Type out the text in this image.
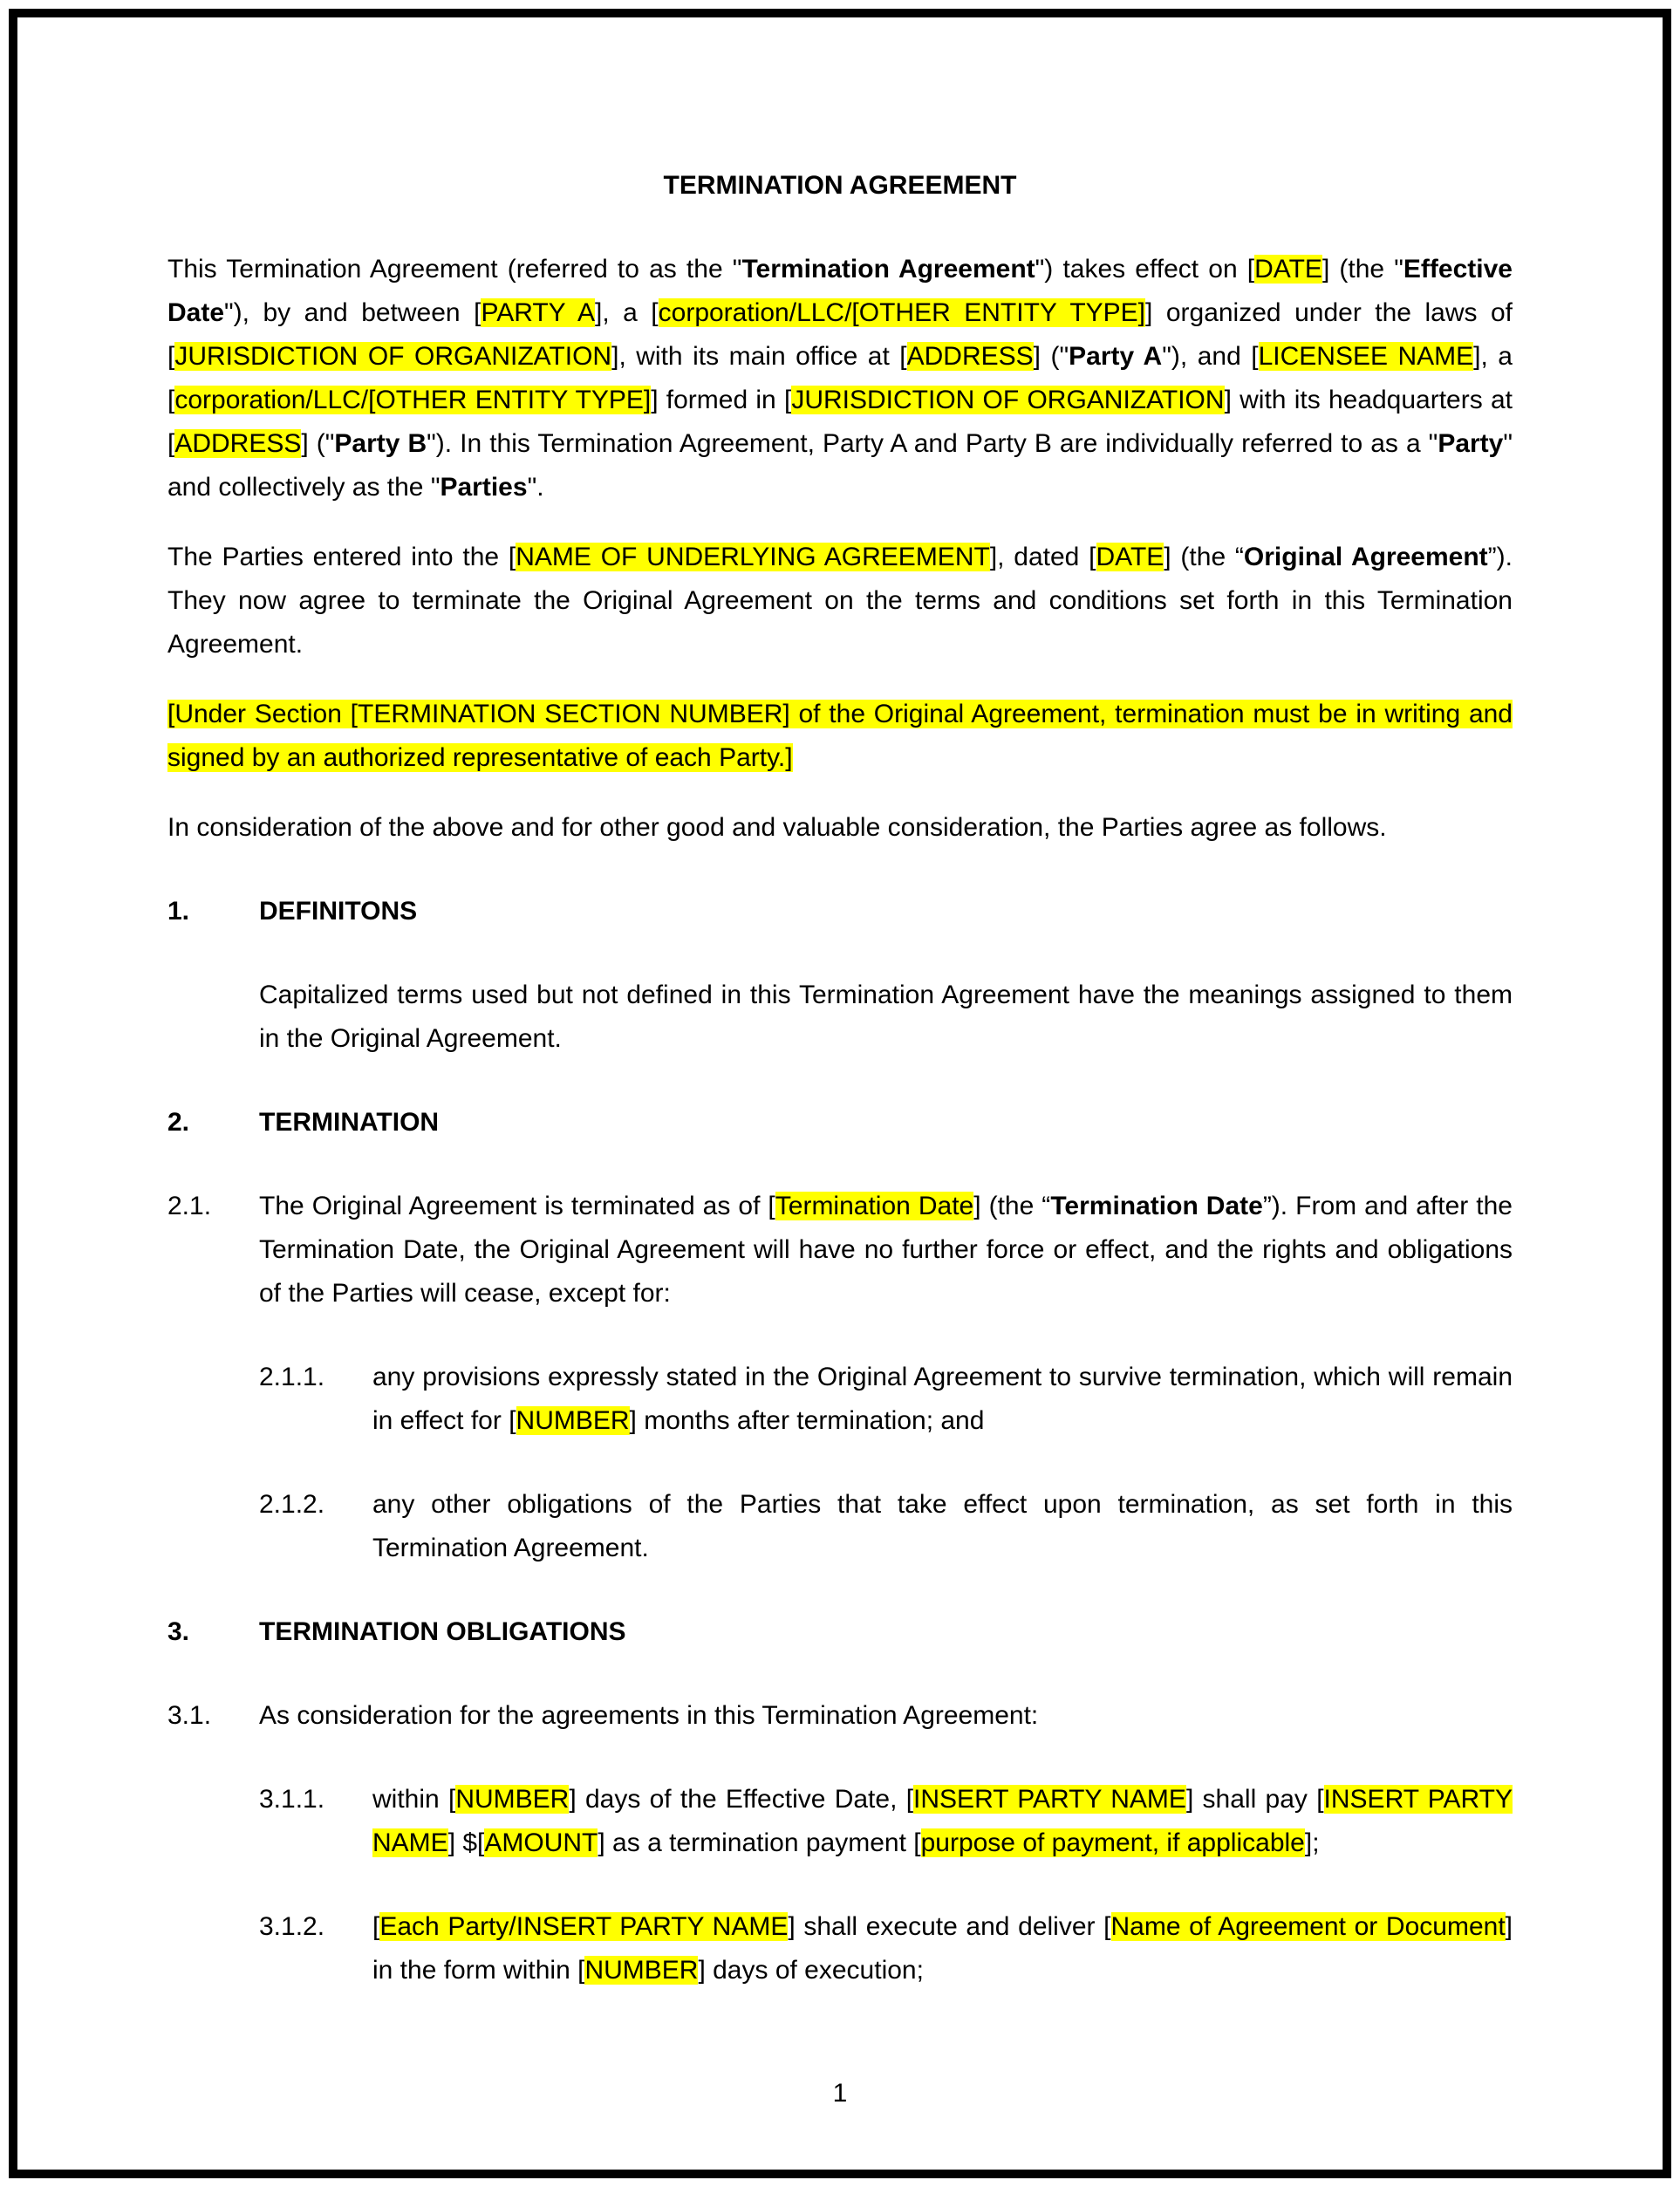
TERMINATION AGREEMENT
This Termination Agreement (referred to as the "Termination Agreement") takes effect on [DATE] (the "Effective Date"), by and between [PARTY A], a [corporation/LLC/[OTHER ENTITY TYPE]] organized under the laws of [JURISDICTION OF ORGANIZATION], with its main office at [ADDRESS] ("Party A"), and [LICENSEE NAME], a [corporation/LLC/[OTHER ENTITY TYPE]] formed in [JURISDICTION OF ORGANIZATION] with its headquarters at [ADDRESS] ("Party B"). In this Termination Agreement, Party A and Party B are individually referred to as a "Party" and collectively as the "Parties".
The Parties entered into the [NAME OF UNDERLYING AGREEMENT], dated [DATE] (the “Original Agreement”). They now agree to terminate the Original Agreement on the terms and conditions set forth in this Termination Agreement.
[Under Section [TERMINATION SECTION NUMBER] of the Original Agreement, termination must be in writing and signed by an authorized representative of each Party.]
In consideration of the above and for other good and valuable consideration, the Parties agree as follows.
1.	DEFINITONS
Capitalized terms used but not defined in this Termination Agreement have the meanings assigned to them in the Original Agreement.
2.	TERMINATION
2.1. The Original Agreement is terminated as of [Termination Date] (the “Termination Date”). From and after the Termination Date, the Original Agreement will have no further force or effect, and the rights and obligations of the Parties will cease, except for:
2.1.1. any provisions expressly stated in the Original Agreement to survive termination, which will remain in effect for [NUMBER] months after termination; and
2.1.2. any other obligations of the Parties that take effect upon termination, as set forth in this Termination Agreement.
3.	TERMINATION OBLIGATIONS
3.1. As consideration for the agreements in this Termination Agreement:
3.1.1. within [NUMBER] days of the Effective Date, [INSERT PARTY NAME] shall pay [INSERT PARTY NAME] $[AMOUNT] as a termination payment [purpose of payment, if applicable];
3.1.2. [Each Party/INSERT PARTY NAME] shall execute and deliver [Name of Agreement or Document] in the form within [NUMBER] days of execution;
1
